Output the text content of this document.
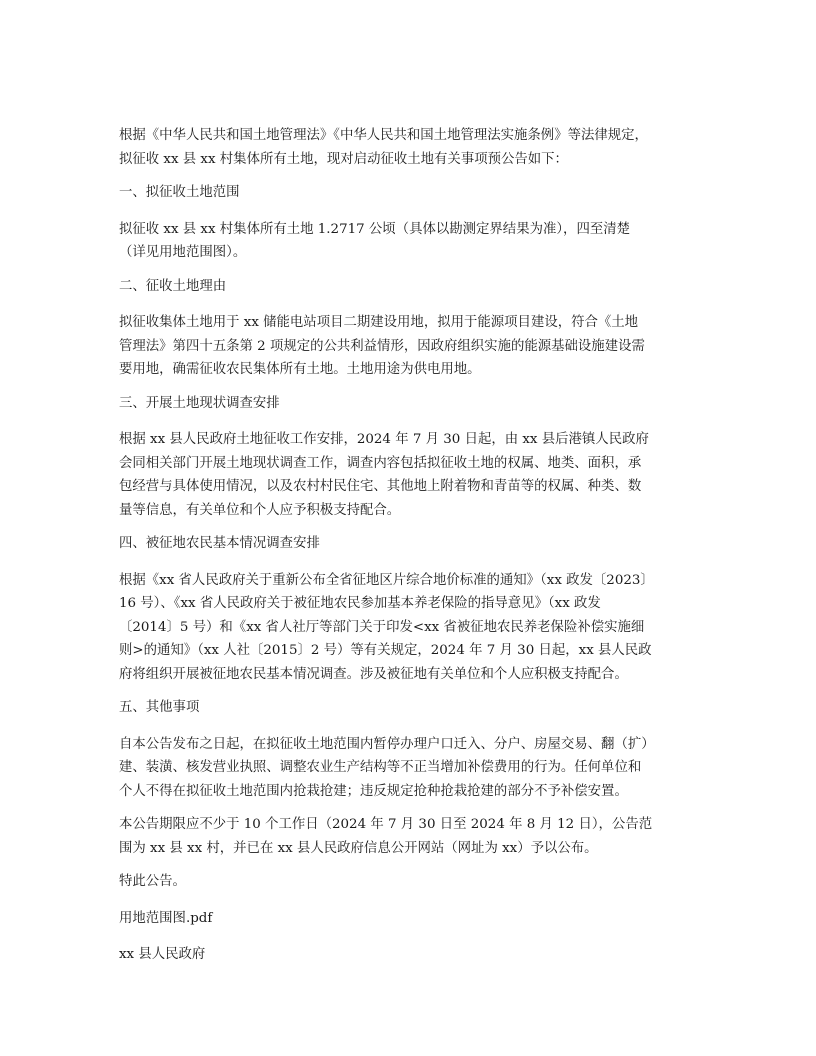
根据《中华人民共和国土地管理法》《中华人民共和国土地管理法实施条例》等法律规定，
拟征收 xx 县 xx 村集体所有土地，现对启动征收土地有关事项预公告如下：

一、拟征收土地范围

拟征收 xx 县 xx 村集体所有土地 1.2717 公顷（具体以勘测定界结果为准），四至清楚
（详见用地范围图）。

二、征收土地理由

拟征收集体土地用于 xx 储能电站项目二期建设用地，拟用于能源项目建设，符合《土地
管理法》第四十五条第 2 项规定的公共利益情形，因政府组织实施的能源基础设施建设需
要用地，确需征收农民集体所有土地。土地用途为供电用地。

三、开展土地现状调查安排

根据 xx 县人民政府土地征收工作安排，2024 年 7 月 30 日起，由 xx 县后港镇人民政府
会同相关部门开展土地现状调查工作，调查内容包括拟征收土地的权属、地类、面积，承
包经营与具体使用情况，以及农村村民住宅、其他地上附着物和青苗等的权属、种类、数
量等信息，有关单位和个人应予积极支持配合。

四、被征地农民基本情况调查安排

根据《xx 省人民政府关于重新公布全省征地区片综合地价标准的通知》（xx 政发〔2023〕
16 号）、《xx 省人民政府关于被征地农民参加基本养老保险的指导意见》（xx 政发
〔2014〕5 号）和《xx 省人社厅等部门关于印发<xx 省被征地农民养老保险补偿实施细
则>的通知》（xx 人社〔2015〕2 号）等有关规定，2024 年 7 月 30 日起，xx 县人民政
府将组织开展被征地农民基本情况调查。涉及被征地有关单位和个人应积极支持配合。

五、其他事项

自本公告发布之日起，在拟征收土地范围内暂停办理户口迁入、分户、房屋交易、翻（扩）
建、装潢、核发营业执照、调整农业生产结构等不正当增加补偿费用的行为。任何单位和
个人不得在拟征收土地范围内抢栽抢建；违反规定抢种抢栽抢建的部分不予补偿安置。

本公告期限应不少于 10 个工作日（2024 年 7 月 30 日至 2024 年 8 月 12 日），公告范
围为 xx 县 xx 村，并已在 xx 县人民政府信息公开网站（网址为 xx）予以公布。

特此公告。

用地范围图.pdf

xx 县人民政府
